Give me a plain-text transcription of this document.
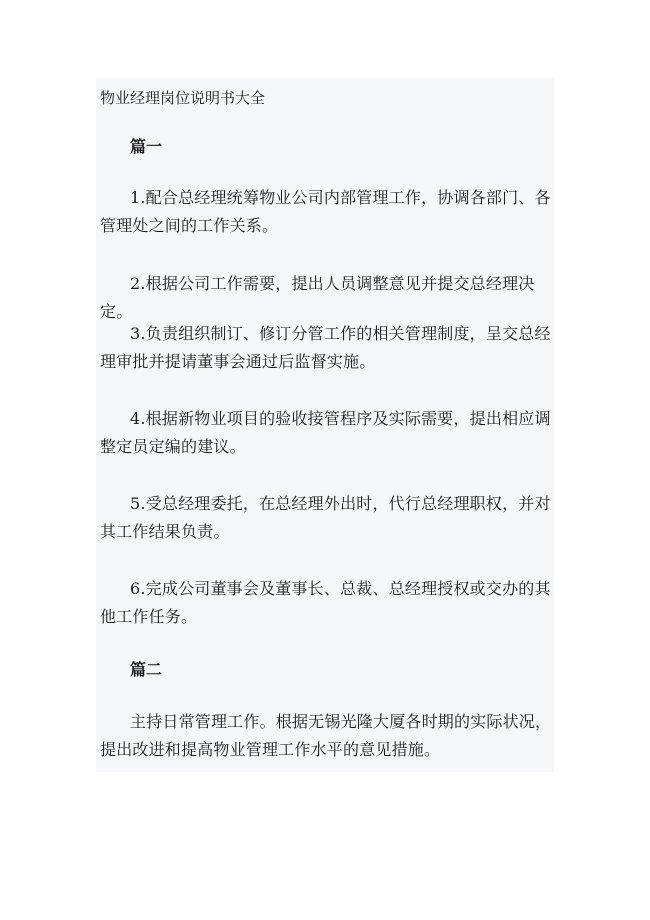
物业经理岗位说明书大全
篇一
1.配合总经理统筹物业公司内部管理工作，协调各部门、各管理处之间的工作关系。
2.根据公司工作需要，提出人员调整意见并提交总经理决定。
3.负责组织制订、修订分管工作的相关管理制度，呈交总经理审批并提请董事会通过后监督实施。
4.根据新物业项目的验收接管程序及实际需要，提出相应调整定员定编的建议。
5.受总经理委托，在总经理外出时，代行总经理职权，并对其工作结果负责。
6.完成公司董事会及董事长、总裁、总经理授权或交办的其他工作任务。
篇二
主持日常管理工作。根据无锡光隆大厦各时期的实际状况，提出改进和提高物业管理工作水平的意见措施。
